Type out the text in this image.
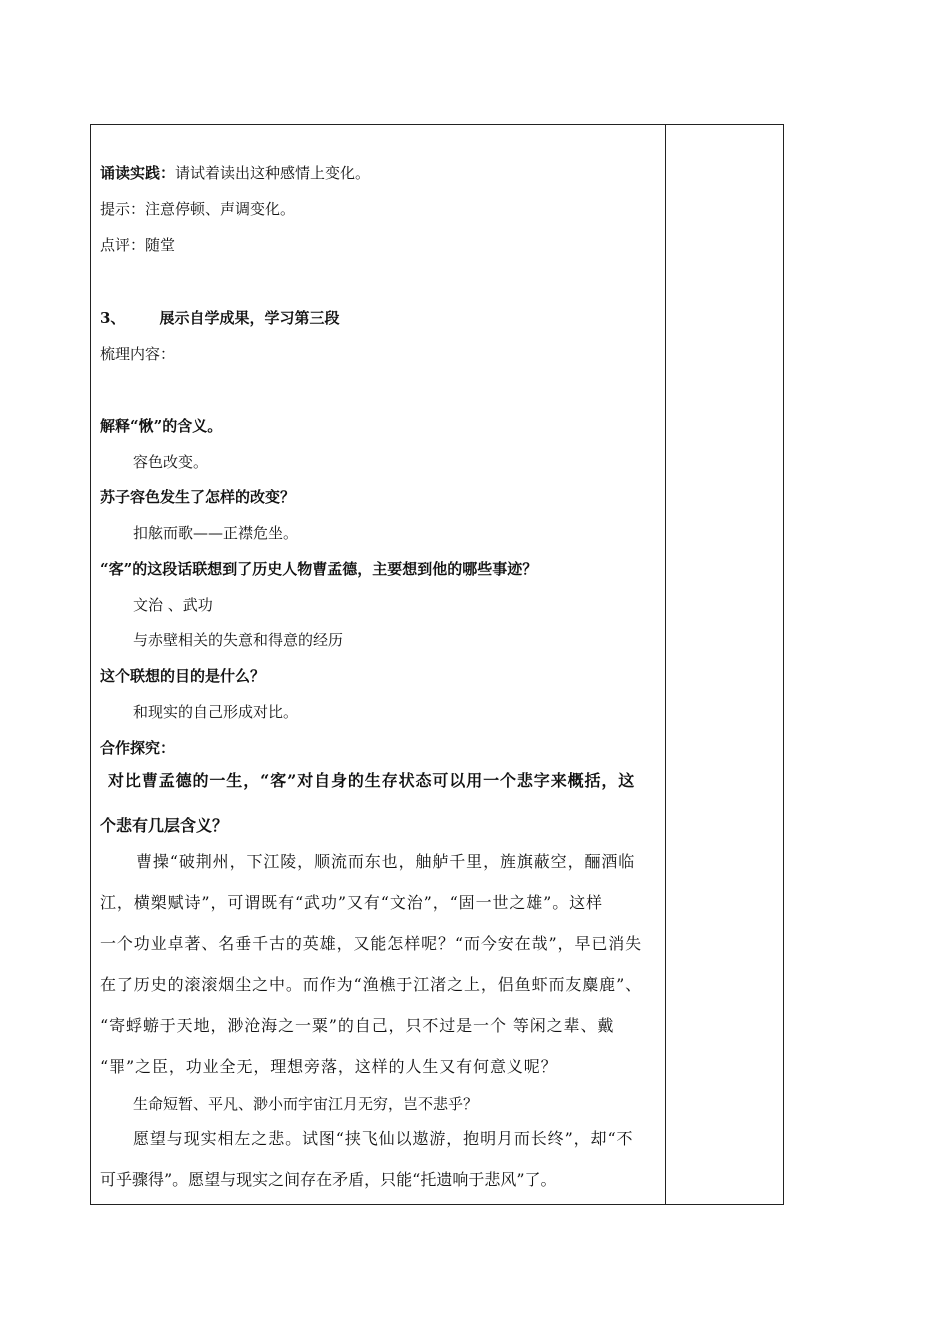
诵读实践：请试着读出这种感情上变化。
提示：注意停顿、声调变化。
点评：随堂
3、 展示自学成果，学习第三段
梳理内容：
解释“愀”的含义。
容色改变。
苏子容色发生了怎样的改变？
扣舷而歌——正襟危坐。
“客”的这段话联想到了历史人物曹孟德，主要想到他的哪些事迹？
文治 、武功
与赤壁相关的失意和得意的经历
这个联想的目的是什么？
和现实的自己形成对比。
合作探究：
对比曹孟德的一生，“客”对自身的生存状态可以用一个悲字来概括，这
个悲有几层含义？
曹操“破荆州，下江陵，顺流而东也，舳舻千里，旌旗蔽空，酾酒临
江，横槊赋诗”，可谓既有“武功”又有“文治”，“固一世之雄”。这样
一个功业卓著、名垂千古的英雄，又能怎样呢？“而今安在哉”，早已消失
在了历史的滚滚烟尘之中。而作为“渔樵于江渚之上，侣鱼虾而友麋鹿”、
“寄蜉蝣于天地，渺沧海之一粟”的自己，只不过是一个 等闲之辈、戴
“罪”之臣，功业全无，理想旁落，这样的人生又有何意义呢？
生命短暂、平凡、渺小而宇宙江月无穷，岂不悲乎？
愿望与现实相左之悲。试图“挟飞仙以遨游，抱明月而长终”，却“不
可乎骤得”。愿望与现实之间存在矛盾，只能“托遗响于悲风”了。
